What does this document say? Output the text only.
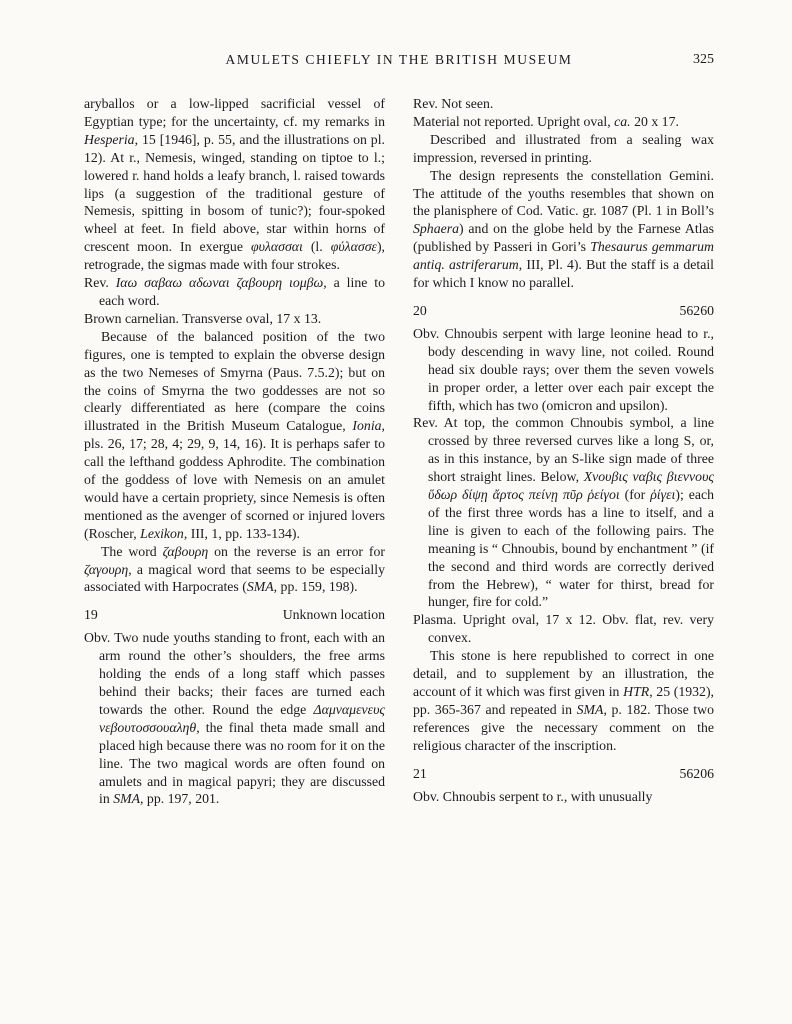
AMULETS CHIEFLY IN THE BRITISH MUSEUM	325

aryballos or a low-lipped sacrificial vessel of Egyptian type; for the uncertainty, cf. my remarks in Hesperia, 15 [1946], p. 55, and the illustrations on pl. 12). At r., Nemesis, winged, standing on tiptoe to l.; lowered r. hand holds a leafy branch, l. raised towards lips (a suggestion of the traditional gesture of Nemesis, spitting in bosom of tunic?); four-spoked wheel at feet. In field above, star within horns of crescent moon. In exergue φυλασσαι (l. φύλασσε), retrograde, the sigmas made with four strokes.

Rev. Ιαω σαβαω αδωναι ζαβουρη ιομβω, a line to each word.

Brown carnelian. Transverse oval, 17 x 13.

Because of the balanced position of the two figures, one is tempted to explain the obverse design as the two Nemeses of Smyrna (Paus. 7.5.2); but on the coins of Smyrna the two goddesses are not so clearly differentiated as here (compare the coins illustrated in the British Museum Catalogue, Ionia, pls. 26, 17; 28, 4; 29, 9, 14, 16). It is perhaps safer to call the lefthand goddess Aphrodite. The combination of the goddess of love with Nemesis on an amulet would have a certain propriety, since Nemesis is often mentioned as the avenger of scorned or injured lovers (Roscher, Lexikon, III, 1, pp. 133-134).

The word ζαβουρη on the reverse is an error for ζαγουρη, a magical word that seems to be especially associated with Harpocrates (SMA, pp. 159, 198).

19	Unknown location

Obv. Two nude youths standing to front, each with an arm round the other’s shoulders, the free arms holding the ends of a long staff which passes behind their backs; their faces are turned each towards the other. Round the edge Δαμναμενευς νεβουτοσσουαληθ, the final theta made small and placed high because there was no room for it on the line. The two magical words are often found on amulets and in magical papyri; they are discussed in SMA, pp. 197, 201.

Rev. Not seen.

Material not reported. Upright oval, ca. 20 x 17.

Described and illustrated from a sealing wax impression, reversed in printing.

The design represents the constellation Gemini. The attitude of the youths resembles that shown on the planisphere of Cod. Vatic. gr. 1087 (Pl. 1 in Boll’s Sphaera) and on the globe held by the Farnese Atlas (published by Passeri in Gori’s Thesaurus gemmarum antiq. astriferarum, III, Pl. 4). But the staff is a detail for which I know no parallel.

20	56260

Obv. Chnoubis serpent with large leonine head to r., body descending in wavy line, not coiled. Round head six double rays; over them the seven vowels in proper order, a letter over each pair except the fifth, which has two (omicron and upsilon).

Rev. At top, the common Chnoubis symbol, a line crossed by three reversed curves like a long S, or, as in this instance, by an S-like sign made of three short straight lines. Below, Χνουβις ναβις βιεννους ὕδωρ δίψῃ ἄρτος πείνῃ πῦρ ῥείγοι (for ῥίγει); each of the first three words has a line to itself, and a line is given to each of the following pairs. The meaning is “ Chnoubis, bound by enchantment ” (if the second and third words are correctly derived from the Hebrew), “ water for thirst, bread for hunger, fire for cold.”

Plasma. Upright oval, 17 x 12. Obv. flat, rev. very convex.

This stone is here republished to correct in one detail, and to supplement by an illustration, the account of it which was first given in HTR, 25 (1932), pp. 365-367 and repeated in SMA, p. 182. Those two references give the necessary comment on the religious character of the inscription.

21	56206

Obv. Chnoubis serpent to r., with unusually
